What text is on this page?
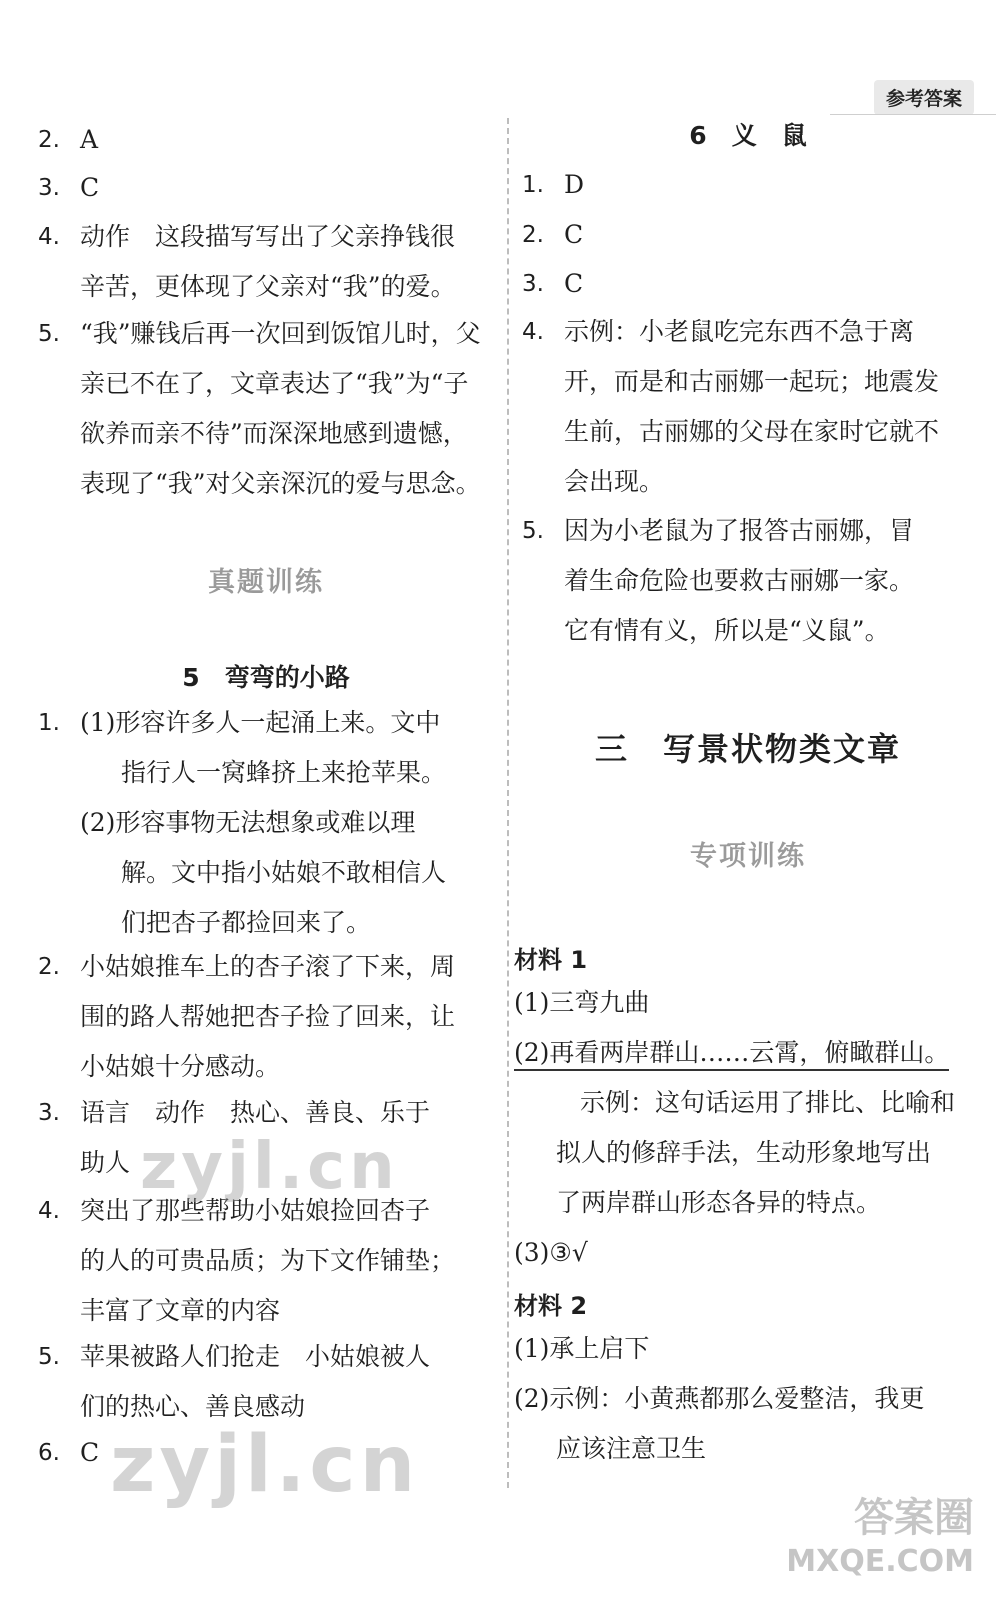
参考答案
2. A
3. C
4. 动作　这段描写写出了父亲挣钱很
辛苦，更体现了父亲对“我”的爱。
5. “我”赚钱后再一次回到饭馆儿时，父
亲已不在了，文章表达了“我”为“子
欲养而亲不待”而深深地感到遗憾，
表现了“我”对父亲深沉的爱与思念。
真题训练
5　弯弯的小路
1. (1)形容许多人一起涌上来。文中
指行人一窝蜂挤上来抢苹果。
(2)形容事物无法想象或难以理
解。文中指小姑娘不敢相信人
们把杏子都捡回来了。
2. 小姑娘推车上的杏子滚了下来，周
围的路人帮她把杏子捡了回来，让
小姑娘十分感动。
3. 语言　动作　热心、善良、乐于
助人
4. 突出了那些帮助小姑娘捡回杏子
的人的可贵品质；为下文作铺垫；
丰富了文章的内容
5. 苹果被路人们抢走　小姑娘被人
们的热心、善良感动
6. C
6　义　鼠
1. D
2. C
3. C
4. 示例：小老鼠吃完东西不急于离
开，而是和古丽娜一起玩；地震发
生前，古丽娜的父母在家时它就不
会出现。
5. 因为小老鼠为了报答古丽娜，冒
着生命危险也要救古丽娜一家。
它有情有义，所以是“义鼠”。
三　写景状物类文章
专项训练
材料 1
(1)三弯九曲
(2)再看两岸群山……云霄，俯瞰群山。
示例：这句话运用了排比、比喻和
拟人的修辞手法，生动形象地写出
了两岸群山形态各异的特点。
(3)③√
材料 2
(1)承上启下
(2)示例：小黄燕都那么爱整洁，我更
应该注意卫生
zyjl.cn
zyjl.cn
答案圈
MXQE.COM
